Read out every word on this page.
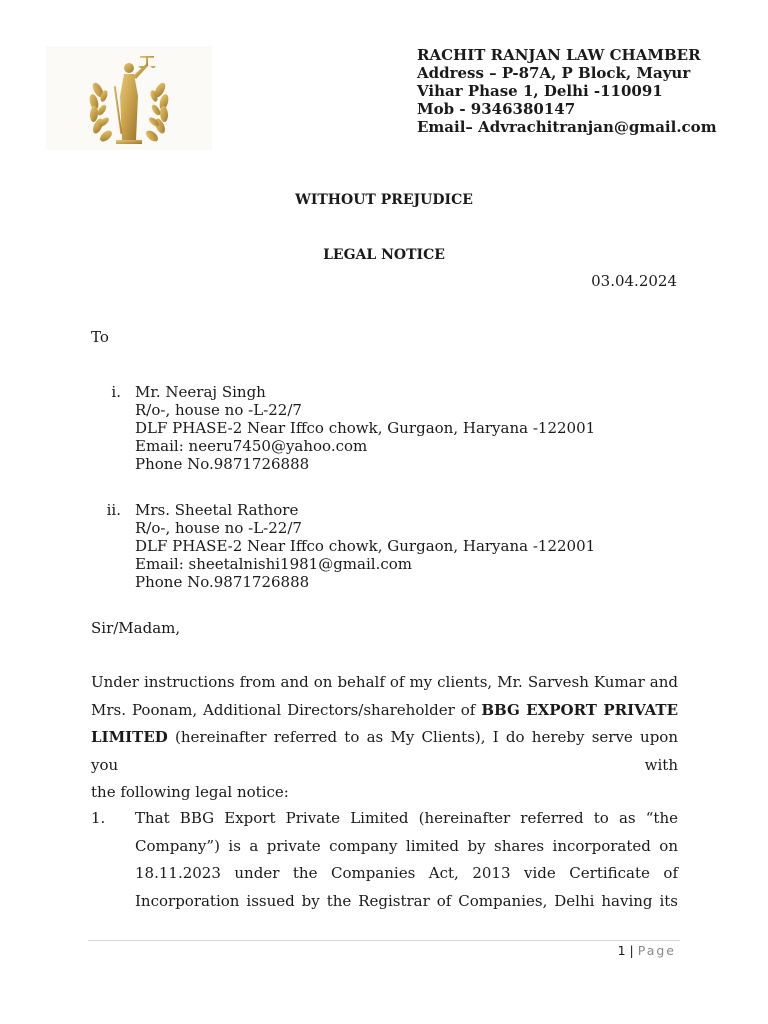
RACHIT RANJAN LAW CHAMBER
Address – P-87A, P Block, Mayur
Vihar Phase 1, Delhi -110091
Mob - 9346380147
Email– Advrachitranjan@gmail.com
WITHOUT PREJUDICE
LEGAL NOTICE
03.04.2024
To
i. Mr. Neeraj Singh
R/o-, house no -L-22/7
DLF PHASE-2 Near Iffco chowk, Gurgaon, Haryana -122001
Email: neeru7450@yahoo.com
Phone No.9871726888
ii. Mrs. Sheetal Rathore
R/o-, house no -L-22/7
DLF PHASE-2 Near Iffco chowk, Gurgaon, Haryana -122001
Email: sheetalnishi1981@gmail.com
Phone No.9871726888
Sir/Madam,
Under instructions from and on behalf of my clients, Mr. Sarvesh Kumar and
Mrs. Poonam, Additional Directors/shareholder of BBG EXPORT PRIVATE
LIMITED (hereinafter referred to as My Clients), I do hereby serve upon you with
the following legal notice:
1. That BBG Export Private Limited (hereinafter referred to as “the
Company”) is a private company limited by shares incorporated on
18.11.2023 under the Companies Act, 2013 vide Certificate of
Incorporation issued by the Registrar of Companies, Delhi having its
1 | Page
